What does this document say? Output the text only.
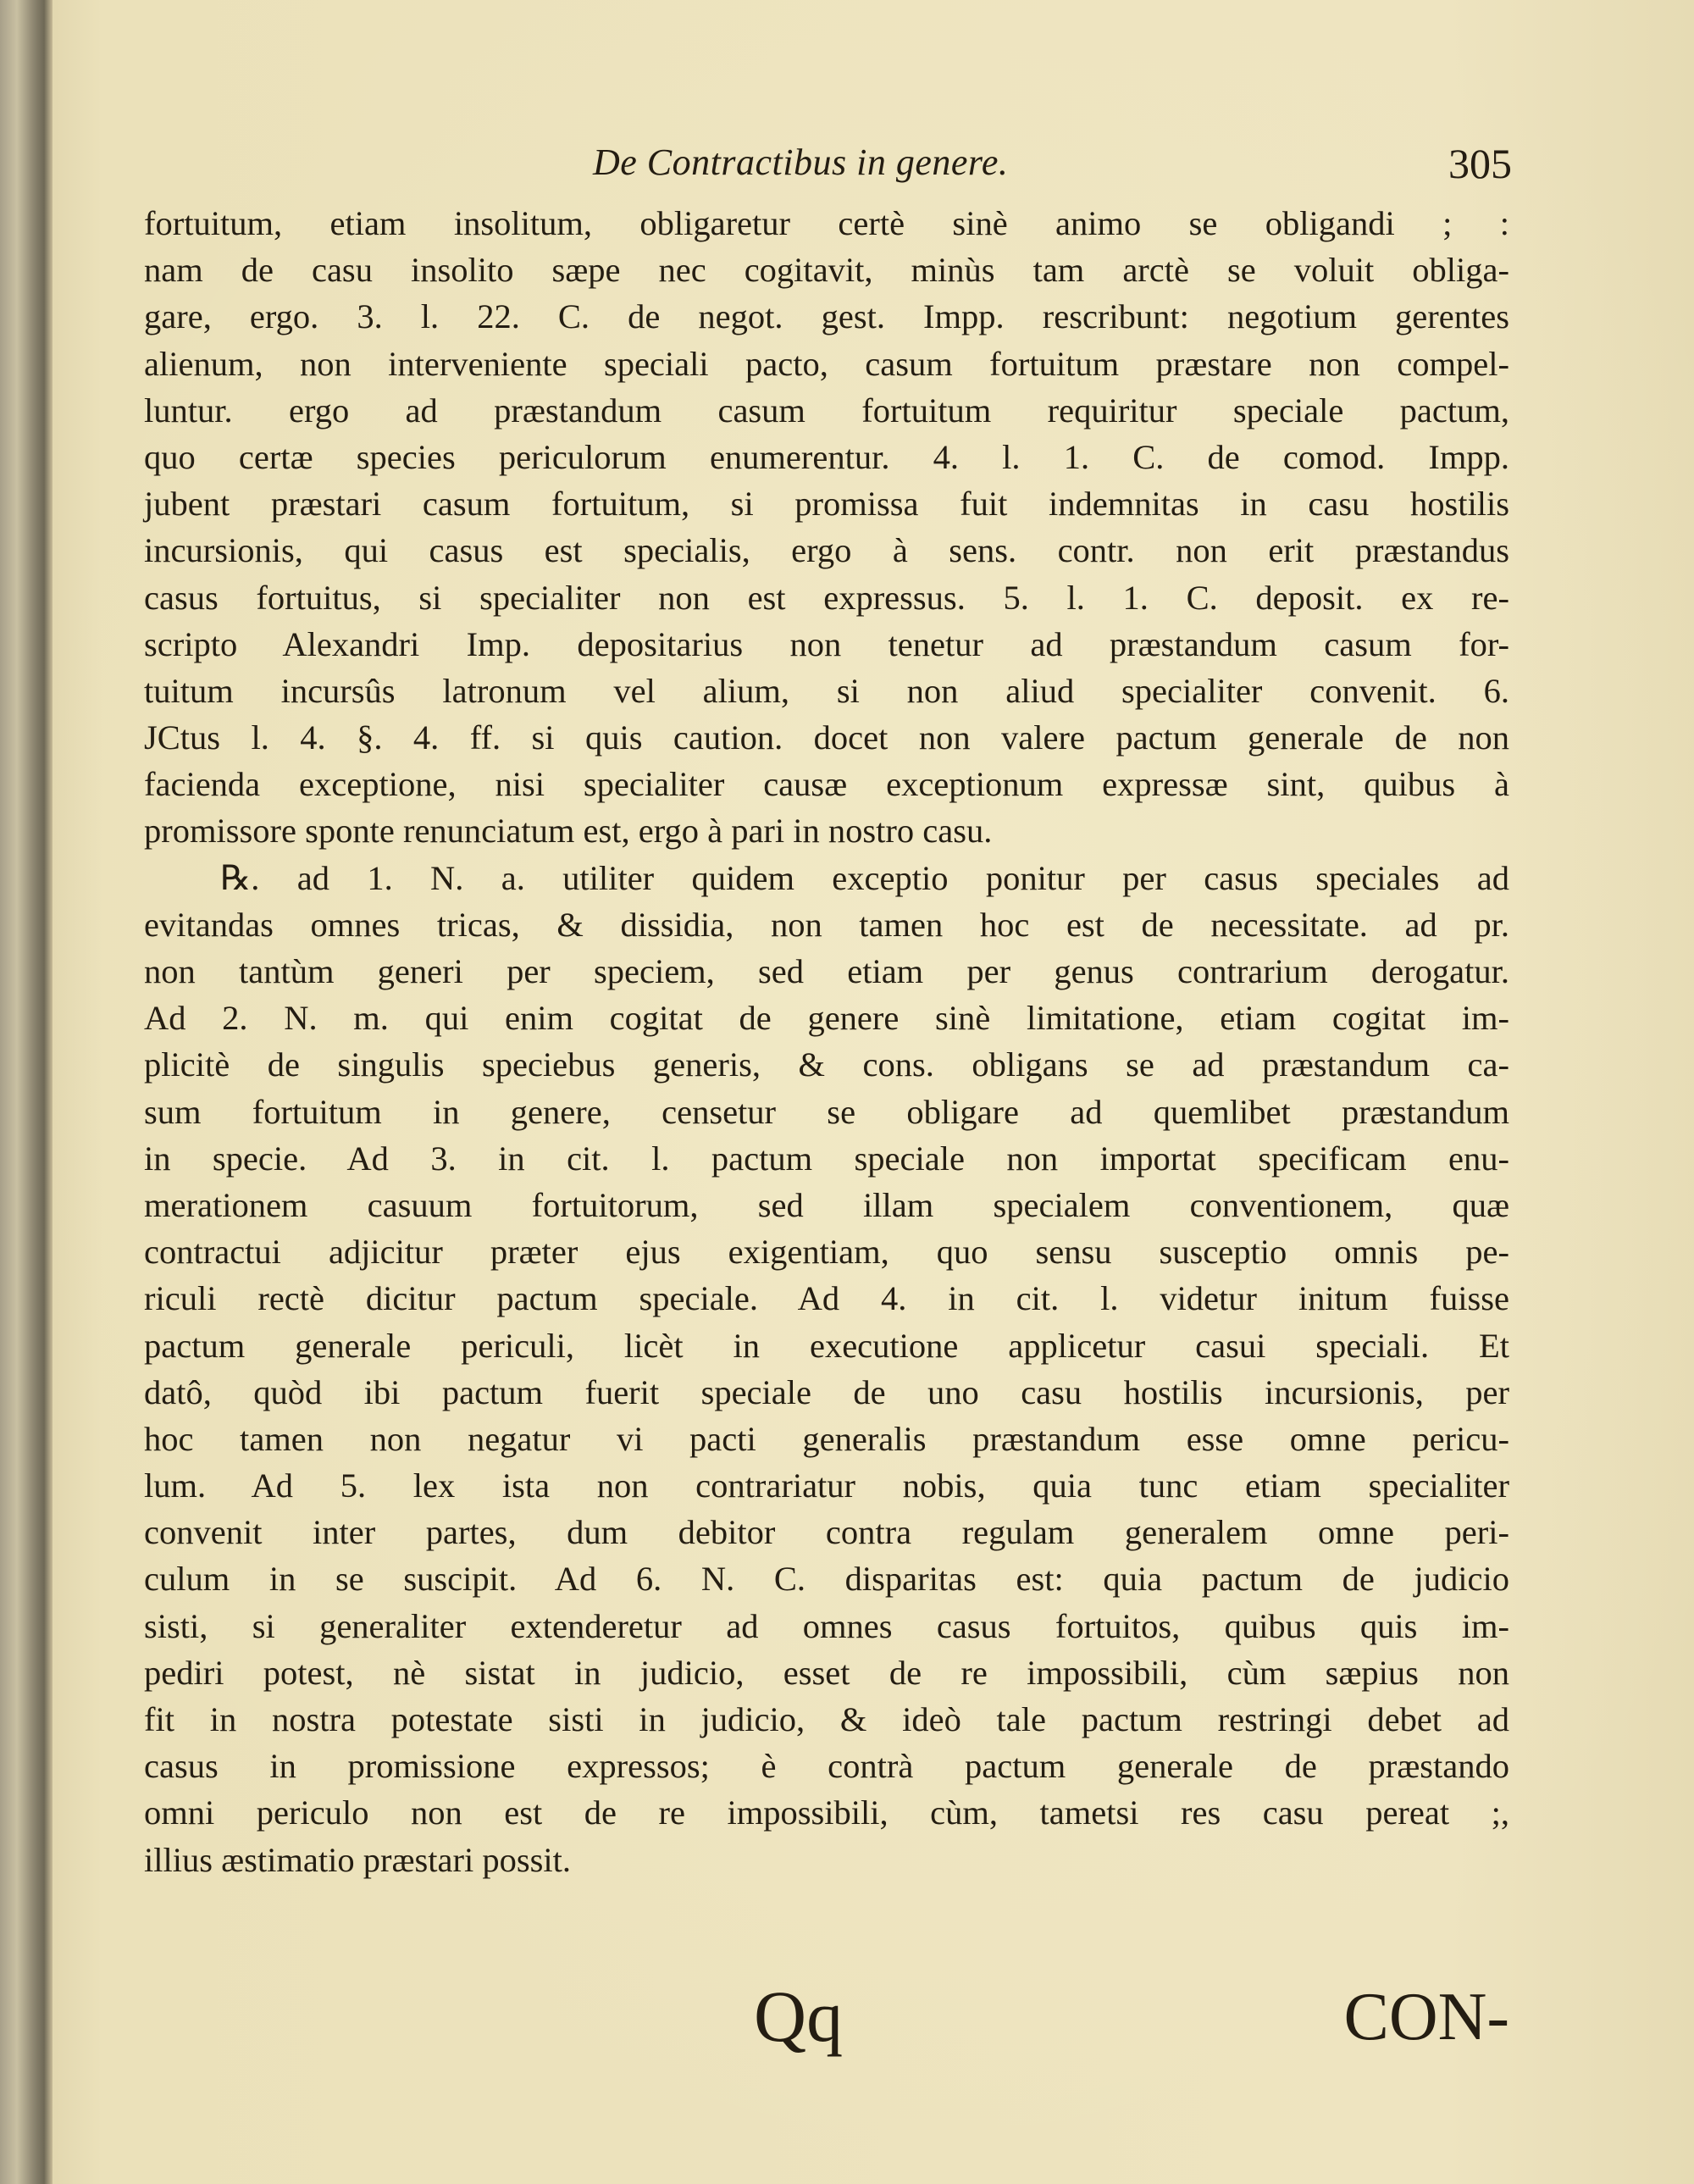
De Contractibus in genere.	305
fortuitum, etiam insolitum, obligaretur certè sinè animo se obligandi ; :
nam de casu insolito sæpe nec cogitavit, minùs tam arctè se voluit obliga-
gare, ergo. 3. l. 22. C. de negot. gest. Impp. rescribunt: negotium gerentes
alienum, non interveniente speciali pacto, casum fortuitum præstare non compel-
luntur. ergo ad præstandum casum fortuitum requiritur speciale pactum,
quo certæ species periculorum enumerentur. 4. l. 1. C. de comod. Impp.
jubent præstari casum fortuitum, si promissa fuit indemnitas in casu hostilis
incursionis, qui casus est specialis, ergo à sens. contr. non erit præstandus
casus fortuitus, si specialiter non est expressus. 5. l. 1. C. deposit. ex re-
scripto Alexandri Imp. depositarius non tenetur ad præstandum casum for-
tuitum incursûs latronum vel alium, si non aliud specialiter convenit. 6.
JCtus l. 4. §. 4. ff. si quis caution. docet non valere pactum generale de non
facienda exceptione, nisi specialiter causæ exceptionum expressæ sint, quibus à
promissore sponte renunciatum est, ergo à pari in nostro casu.
℞. ad 1. N. a. utiliter quidem exceptio ponitur per casus speciales ad
evitandas omnes tricas, & dissidia, non tamen hoc est de necessitate. ad pr.
non tantùm generi per speciem, sed etiam per genus contrarium derogatur.
Ad 2. N. m. qui enim cogitat de genere sinè limitatione, etiam cogitat im-
plicitè de singulis speciebus generis, & cons. obligans se ad præstandum ca-
sum fortuitum in genere, censetur se obligare ad quemlibet præstandum
in specie. Ad 3. in cit. l. pactum speciale non importat specificam enu-
merationem casuum fortuitorum, sed illam specialem conventionem, quæ
contractui adjicitur præter ejus exigentiam, quo sensu susceptio omnis pe-
riculi rectè dicitur pactum speciale. Ad 4. in cit. l. videtur initum fuisse
pactum generale periculi, licèt in executione applicetur casui speciali. Et
datô, quòd ibi pactum fuerit speciale de uno casu hostilis incursionis, per
hoc tamen non negatur vi pacti generalis præstandum esse omne pericu-
lum. Ad 5. lex ista non contrariatur nobis, quia tunc etiam specialiter
convenit inter partes, dum debitor contra regulam generalem omne peri-
culum in se suscipit. Ad 6. N. C. disparitas est: quia pactum de judicio
sisti, si generaliter extenderetur ad omnes casus fortuitos, quibus quis im-
pediri potest, nè sistat in judicio, esset de re impossibili, cùm sæpius non
fit in nostra potestate sisti in judicio, & ideò tale pactum restringi debet ad
casus in promissione expressos; è contrà pactum generale de præstando
omni periculo non est de re impossibili, cùm, tametsi res casu pereat ;,
illius æstimatio præstari possit.
Qq	CON-
